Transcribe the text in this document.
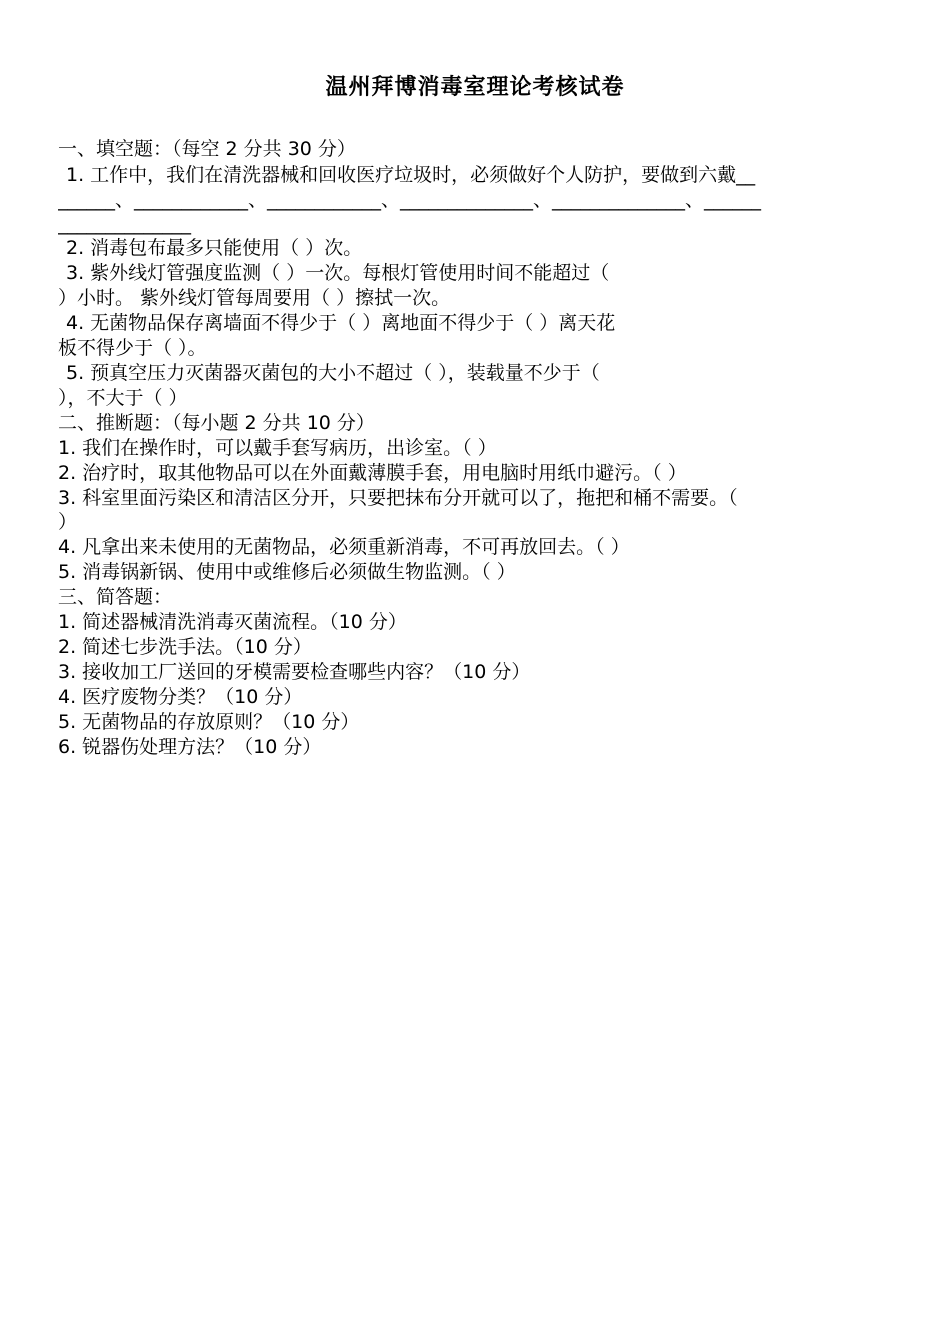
温州拜博消毒室理论考核试卷
一、填空题：（每空 2 分共 30 分）
1. 工作中，我们在清洗器械和回收医疗垃圾时，必须做好个人防护，要做到六戴__
______、____________、____________、______________、______________、______
______________
2. 消毒包布最多只能使用（ ）次。
3. 紫外线灯管强度监测（ ）一次。每根灯管使用时间不能超过（
）小时。 紫外线灯管每周要用（ ）擦拭一次。
4. 无菌物品保存离墙面不得少于（ ）离地面不得少于（ ）离天花
板不得少于（ ）。
5. 预真空压力灭菌器灭菌包的大小不超过（ ），装载量不少于（
），不大于（ ）
二、推断题：（每小题 2 分共 10 分）
1. 我们在操作时，可以戴手套写病历，出诊室。（ ）
2. 治疗时，取其他物品可以在外面戴薄膜手套，用电脑时用纸巾避污。（ ）
3. 科室里面污染区和清洁区分开，只要把抹布分开就可以了，拖把和桶不需要。（
）
4. 凡拿出来未使用的无菌物品，必须重新消毒，不可再放回去。（ ）
5. 消毒锅新锅、使用中或维修后必须做生物监测。（ ）
三、简答题：
1. 简述器械清洗消毒灭菌流程。（10 分）
2. 简述七步洗手法。（10 分）
3. 接收加工厂送回的牙模需要检查哪些内容？（10 分）
4. 医疗废物分类？（10 分）
5. 无菌物品的存放原则？（10 分）
6. 锐器伤处理方法？（10 分）
